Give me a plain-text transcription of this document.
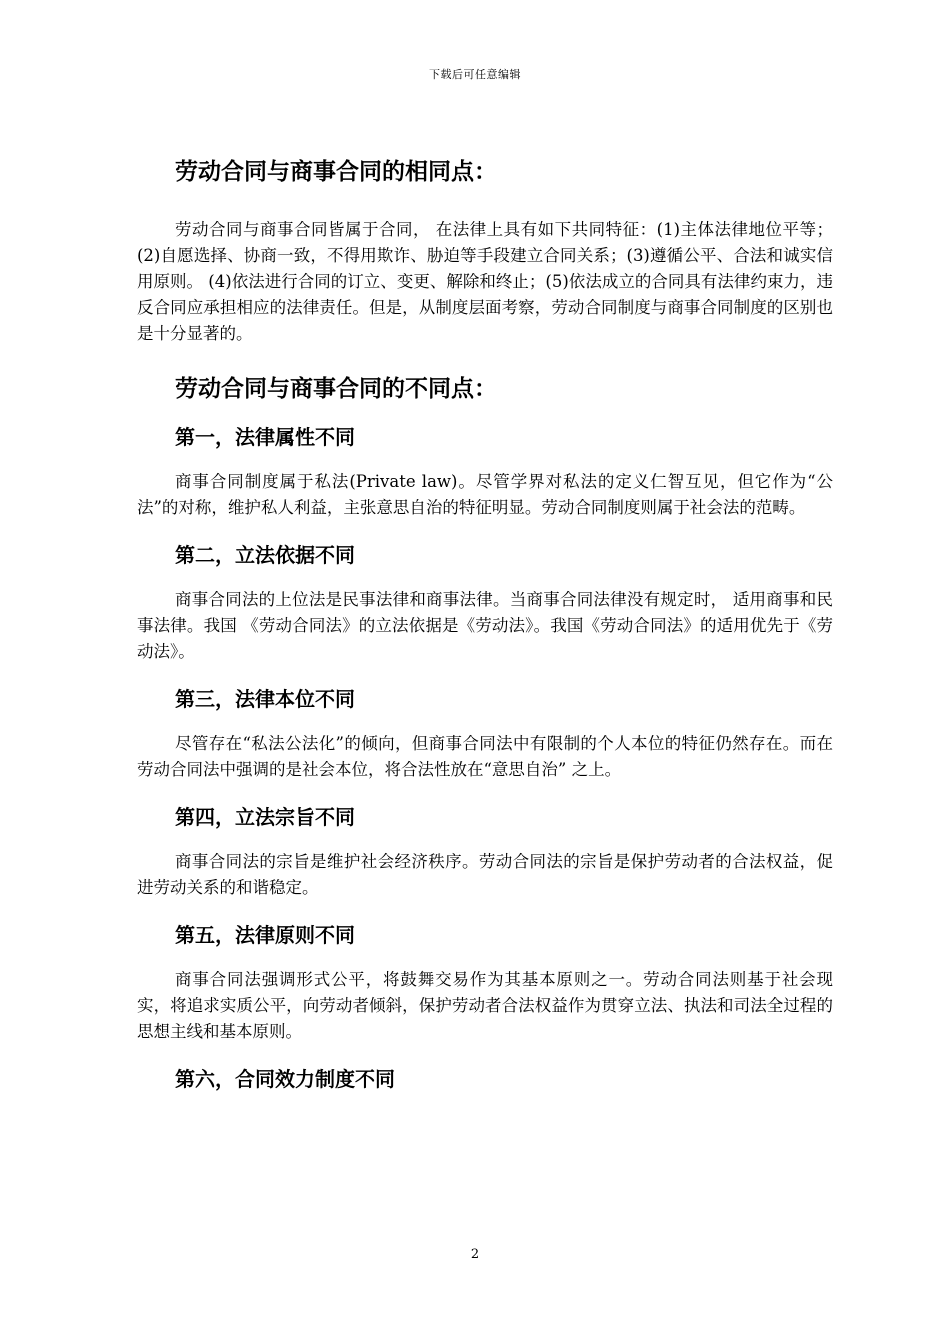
下载后可任意编辑
劳动合同与商事合同的相同点：

劳动合同与商事合同皆属于合同， 在法律上具有如下共同特征：(1)主体法律地位平等； (2)自愿选择、协商一致，不得用欺诈、胁迫等手段建立合同关系；(3)遵循公平、合法和诚实信用原则。 (4)依法进行合同的订立、变更、解除和终止；(5)依法成立的合同具有法律约束力，违反合同应承担相应的法律责任。但是，从制度层面考察，劳动合同制度与商事合同制度的区别也是十分显著的。

劳动合同与商事合同的不同点：
第一，法律属性不同

商事合同制度属于私法(Private law)。尽管学界对私法的定义仁智互见，但它作为“公法”的对称，维护私人利益，主张意思自治的特征明显。劳动合同制度则属于社会法的范畴。

第二，立法依据不同

商事合同法的上位法是民事法律和商事法律。当商事合同法律没有规定时， 适用商事和民事法律。我国 《劳动合同法》的立法依据是《劳动法》。我国《劳动合同法》的适用优先于《劳动法》。

第三，法律本位不同

尽管存在“私法公法化”的倾向，但商事合同法中有限制的个人本位的特征仍然存在。而在劳动合同法中强调的是社会本位，将合法性放在“意思自治” 之上。

第四，立法宗旨不同

商事合同法的宗旨是维护社会经济秩序。劳动合同法的宗旨是保护劳动者的合法权益，促进劳动关系的和谐稳定。

第五，法律原则不同

商事合同法强调形式公平，将鼓舞交易作为其基本原则之一。劳动合同法则基于社会现实，将追求实质公平，向劳动者倾斜，保护劳动者合法权益作为贯穿立法、执法和司法全过程的思想主线和基本原则。

第六，合同效力制度不同
2
